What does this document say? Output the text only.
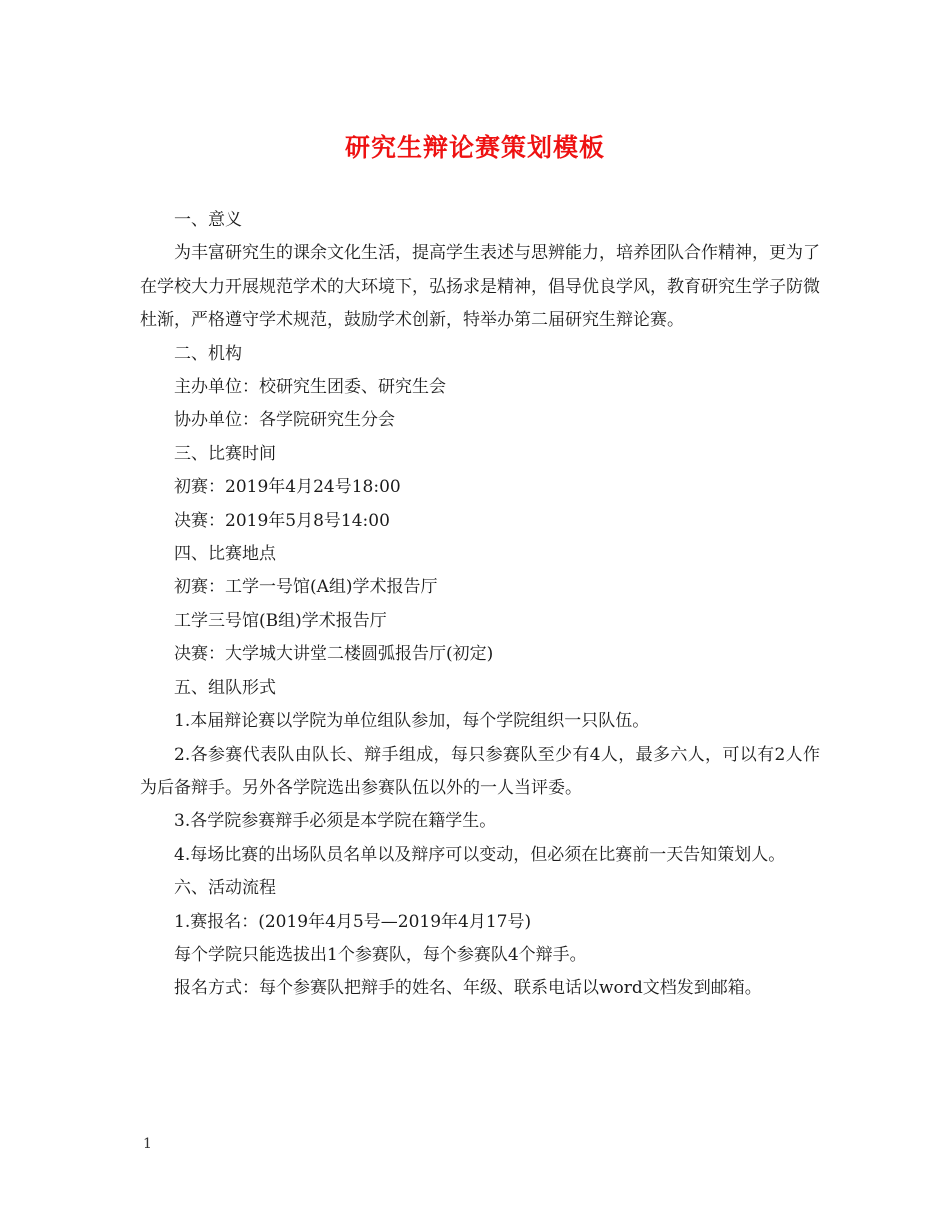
研究生辩论赛策划模板

一、意义

为丰富研究生的课余文化生活，提高学生表述与思辨能力，培养团队合作精神，更为了在学校大力开展规范学术的大环境下，弘扬求是精神，倡导优良学风，教育研究生学子防微杜渐，严格遵守学术规范，鼓励学术创新，特举办第二届研究生辩论赛。

二、机构

主办单位：校研究生团委、研究生会

协办单位：各学院研究生分会

三、比赛时间

初赛：2019年4月24号18:00

决赛：2019年5月8号14:00

四、比赛地点

初赛：工学一号馆(A组)学术报告厅

工学三号馆(B组)学术报告厅

决赛：大学城大讲堂二楼圆弧报告厅(初定)

五、组队形式

1.本届辩论赛以学院为单位组队参加，每个学院组织一只队伍。

2.各参赛代表队由队长、辩手组成，每只参赛队至少有4人，最多六人，可以有2人作为后备辩手。另外各学院选出参赛队伍以外的一人当评委。

3.各学院参赛辩手必须是本学院在籍学生。

4.每场比赛的出场队员名单以及辩序可以变动，但必须在比赛前一天告知策划人。

六、活动流程

1.赛报名：(2019年4月5号—2019年4月17号)

每个学院只能选拔出1个参赛队，每个参赛队4个辩手。

报名方式：每个参赛队把辩手的姓名、年级、联系电话以word文档发到邮箱。

1
